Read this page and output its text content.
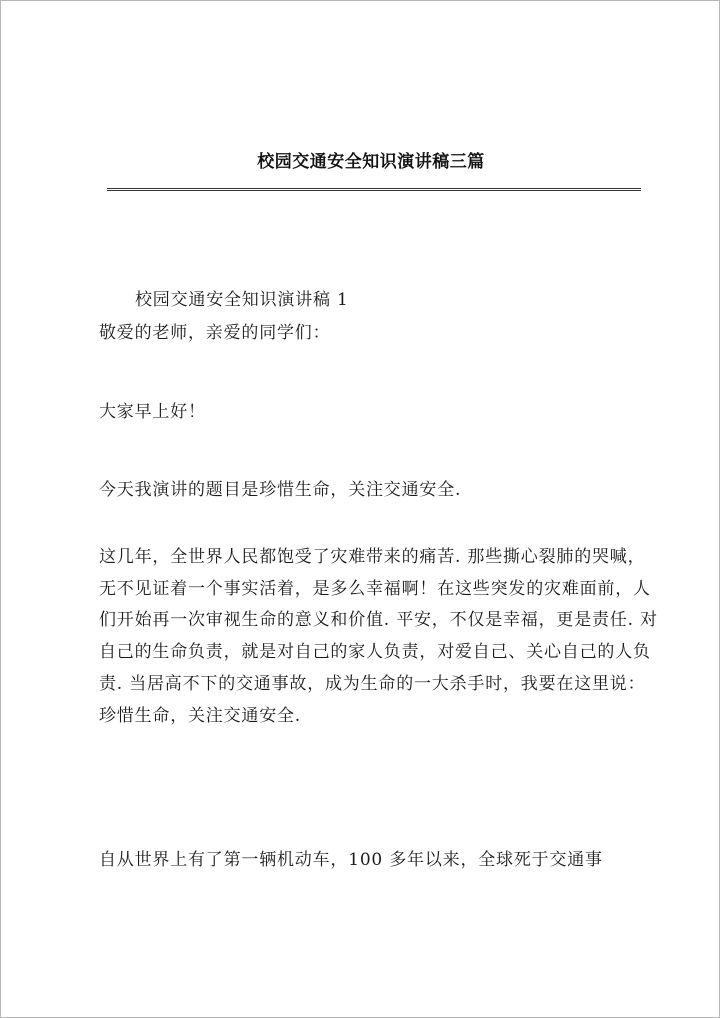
校园交通安全知识演讲稿三篇

校园交通安全知识演讲稿 1

敬爱的老师，亲爱的同学们：

大家早上好！

今天我演讲的题目是珍惜生命，关注交通安全.

这几年，全世界人民都饱受了灾难带来的痛苦. 那些撕心裂肺的哭喊，无不见证着一个事实活着，是多么幸福啊！在这些突发的灾难面前，人们开始再一次审视生命的意义和价值. 平安，不仅是幸福，更是责任. 对自己的生命负责，就是对自己的家人负责，对爱自己、关心自己的人负责. 当居高不下的交通事故，成为生命的一大杀手时，我要在这里说：珍惜生命，关注交通安全.

自从世界上有了第一辆机动车，100 多年以来，全球死于交通事
